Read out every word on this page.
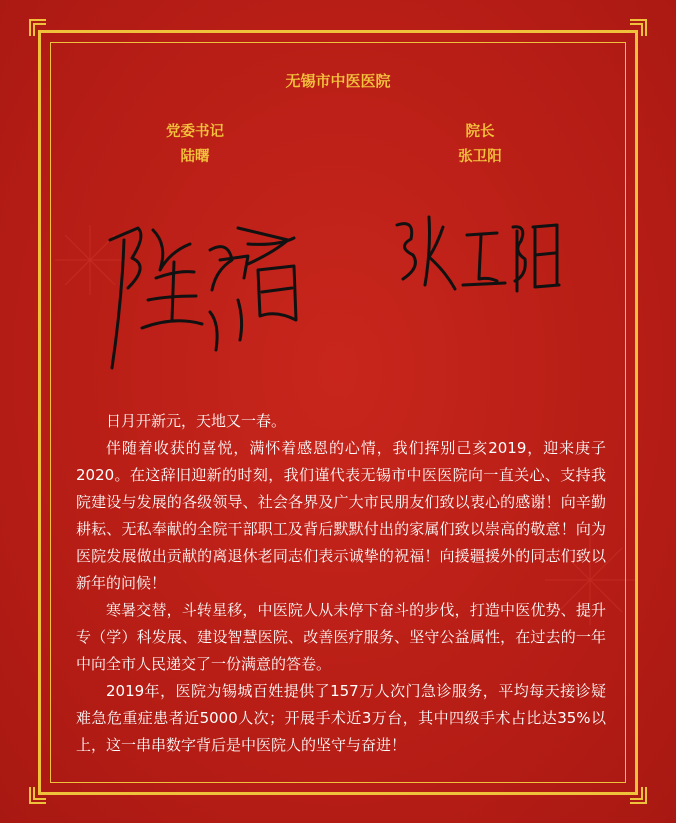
无锡市中医医院
党委书记
陆曙
院长
张卫阳

日月开新元，天地又一春。

伴随着收获的喜悦，满怀着感恩的心情，我们挥别己亥2019，迎来庚子2020。在这辞旧迎新的时刻，我们谨代表无锡市中医医院向一直关心、支持我院建设与发展的各级领导、社会各界及广大市民朋友们致以衷心的感谢！向辛勤耕耘、无私奉献的全院干部职工及背后默默付出的家属们致以崇高的敬意！向为医院发展做出贡献的离退休老同志们表示诚挚的祝福！向援疆援外的同志们致以新年的问候！

寒暑交替，斗转星移，中医院人从未停下奋斗的步伐，打造中医优势、提升专（学）科发展、建设智慧医院、改善医疗服务、坚守公益属性，在过去的一年中向全市人民递交了一份满意的答卷。

2019年，医院为锡城百姓提供了157万人次门急诊服务，平均每天接诊疑难急危重症患者近5000人次；开展手术近3万台，其中四级手术占比达35%以上，这一串串数字背后是中医院人的坚守与奋进！
